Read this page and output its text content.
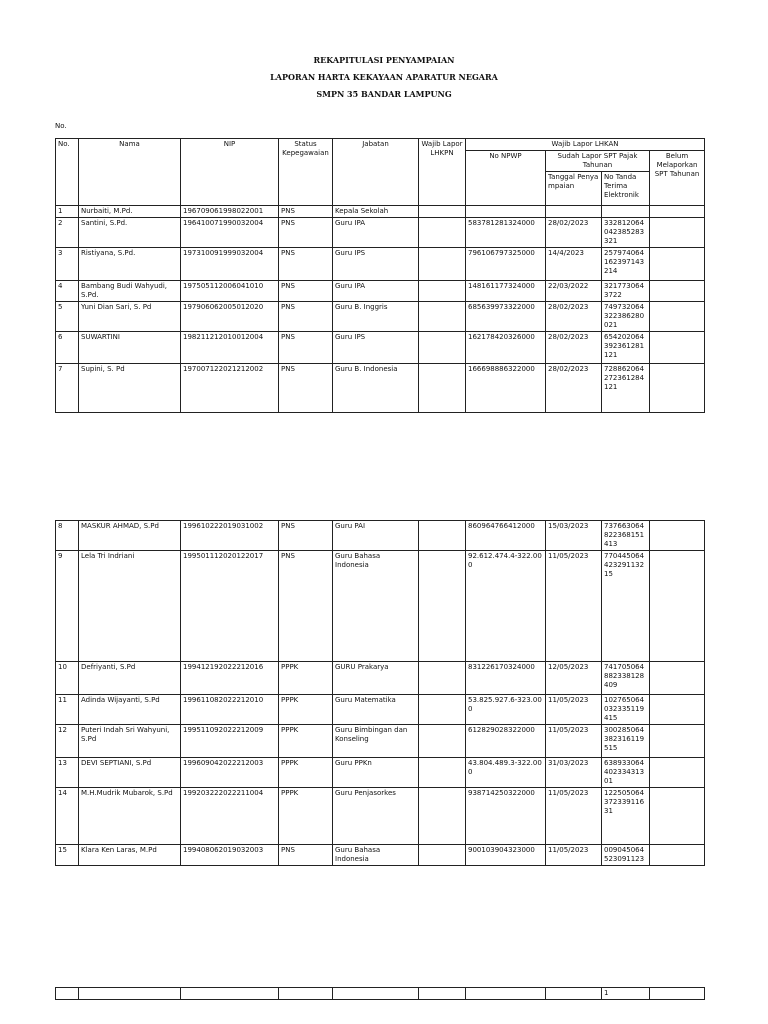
REKAPITULASI PENYAMPAIAN
LAPORAN HARTA KEKAYAAN APARATUR NEGARA
SMPN 35 BANDAR LAMPUNG
No.
No.	Nama	NIP	Status Kepegawaian	Jabatan	Wajib Lapor LHKPN	Wajib Lapor LHKAN			
						No NPWP	Sudah Lapor SPT Pajak Tahunan		Belum Melaporkan SPT Tahunan
							Tanggal Penyampaian	No Tanda Terima Elektronik	
1	Nurbaiti, M.Pd.	196709061998022001	PNS	Kepala Sekolah					
2	Santini, S.Pd.	196410071990032004	PNS	Guru IPA		583781281324000	28/02/2023	332812064042385283321	
3	Ristiyana, S.Pd.	197310091999032004	PNS	Guru IPS		796106797325000	14/4/2023	257974064162397143214	
4	Bambang Budi Wahyudi, S.Pd.	197505112006041010	PNS	Guru IPA		148161177324000	22/03/2022	3217730643722	
5	Yuni Dian Sari, S. Pd	197906062005012020	PNS	Guru B. Inggris		685639973322000	28/02/2023	749732064322386280021	
6	SUWARTINI	198211212010012004	PNS	Guru IPS		162178420326000	28/02/2023	654202064392361281121	
7	Supini, S. Pd	197007122021212002	PNS	Guru B. Indonesia		166698886322000	28/02/2023	728862064272361284121	
8	MASKUR AHMAD, S.Pd	199610222019031002	PNS	Guru PAI		860964766412000	15/03/2023	737663064822368151413	
9	Lela Tri Indriani	199501112020122017	PNS	Guru Bahasa Indonesia		92.612.474.4-322.000	11/05/2023	77044506442329113215	
10	Defriyanti, S.Pd	199412192022212016	PPPK	GURU Prakarya		831226170324000	12/05/2023	741705064882338128409	
11	Adinda Wijayanti, S.Pd	199611082022212010	PPPK	Guru Matematika		53.825.927.6-323.000	11/05/2023	102765064032335119415	
12	Puteri Indah Sri Wahyuni, S.Pd	199511092022212009	PPPK	Guru Bimbingan dan Konseling		612829028322000	11/05/2023	300285064382316119515	
13	DEVI SEPTIANI, S.Pd	199609042022212003	PPPK	Guru PPKn		43.804.489.3-322.000	31/03/2023	63893306440233431301	
14	M.H.Mudrik Mubarok, S.Pd	199203222022211004	PPPK	Guru Penjasorkes		938714250322000	11/05/2023	12250506437233911631	
15	Klara Ken Laras, M.Pd	199408062019032003	PNS	Guru Bahasa Indonesia		900103904323000	11/05/2023	009045064523091123	
								1	
